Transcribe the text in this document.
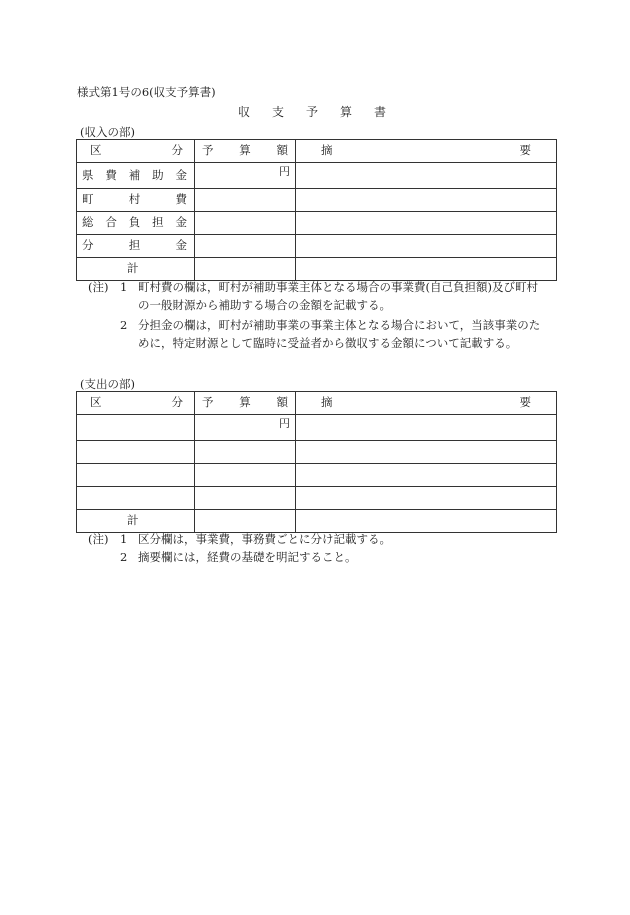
様式第1号の6(収支予算書)
収支予算書
(収入の部)
区 分	予 算 額	摘 要

県 費 補 助 金	円	

町 村 費		

総 合 負 担 金		

分 担 金		

計		
(注) 1 町村費の欄は，町村が補助事業主体となる場合の事業費(自己負担額)及び町村
の一般財源から補助する場合の金額を記載する。
2 分担金の欄は，町村が補助事業の事業主体となる場合において，当該事業のた
めに，特定財源として臨時に受益者から徴収する金額について記載する。
(支出の部)
区 分	予 算 額	摘 要

	円	

計		
(注) 1 区分欄は，事業費，事務費ごとに分け記載する。
2 摘要欄には，経費の基礎を明記すること。
